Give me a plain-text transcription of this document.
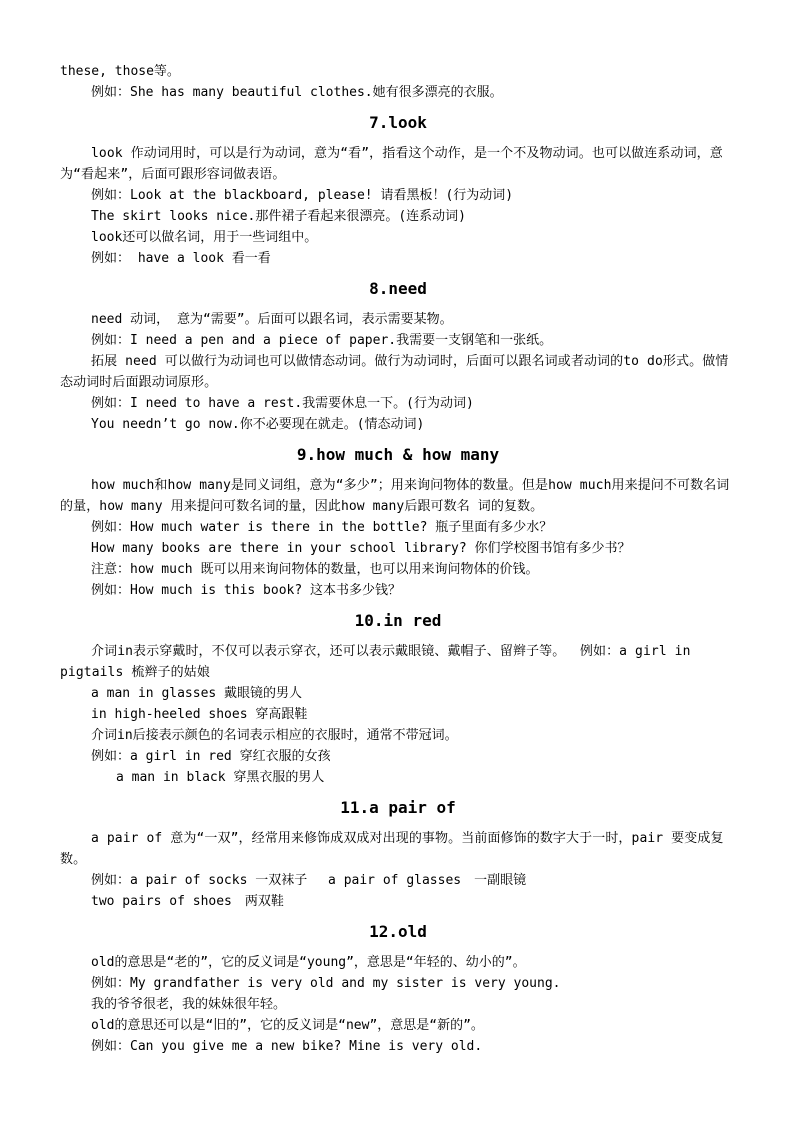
these, those等。
例如：She has many beautiful clothes.她有很多漂亮的衣服。
7.look
look 作动词用时，可以是行为动词，意为“看”，指看这个动作，是一个不及物动词。也可以做连系动词，意为“看起来”，后面可跟形容词做表语。
例如：Look at the blackboard, please! 请看黑板！(行为动词)
The skirt looks nice.那件裙子看起来很漂亮。(连系动词)
look还可以做名词，用于一些词组中。
例如： have a look 看一看
8.need
need 动词， 意为“需要”。后面可以跟名词，表示需要某物。
例如：I need a pen and a piece of paper.我需要一支钢笔和一张纸。
拓展 need 可以做行为动词也可以做情态动词。做行为动词时，后面可以跟名词或者动词的to do形式。做情态动词时后面跟动词原形。
例如：I need to have a rest.我需要休息一下。(行为动词)
You needn’t go now.你不必要现在就走。(情态动词)
9.how much & how many
how much和how many是同义词组，意为“多少”；用来询问物体的数量。但是how much用来提问不可数名词的量，how many 用来提问可数名词的量，因此how many后跟可数名 词的复数。
例如：How much water is there in the bottle? 瓶子里面有多少水？
How many books are there in your school library? 你们学校图书馆有多少书？
注意：how much 既可以用来询问物体的数量，也可以用来询问物体的价钱。
例如：How much is this book? 这本书多少钱？
10.in red
介词in表示穿戴时，不仅可以表示穿衣，还可以表示戴眼镜、戴帽子、留辫子等。　 例如：a girl in pigtails 梳辫子的姑娘
a man in glasses 戴眼镜的男人
in high-heeled shoes 穿高跟鞋
介词in后接表示颜色的名词表示相应的衣服时，通常不带冠词。
例如：a girl in red 穿红衣服的女孩
a man in black 穿黑衣服的男人
11.a pair of
a pair of 意为“一双”，经常用来修饰成双成对出现的事物。当前面修饰的数字大于一时，pair 要变成复数。
例如：a pair of socks 一双袜子　 a pair of glasses　一副眼镜
two pairs of shoes　两双鞋
12.old
old的意思是“老的”，它的反义词是“young”，意思是“年轻的、幼小的”。
例如：My grandfather is very old and my sister is very young.
我的爷爷很老，我的妹妹很年轻。
old的意思还可以是“旧的”，它的反义词是“new”，意思是“新的”。
例如：Can you give me a new bike? Mine is very old.
